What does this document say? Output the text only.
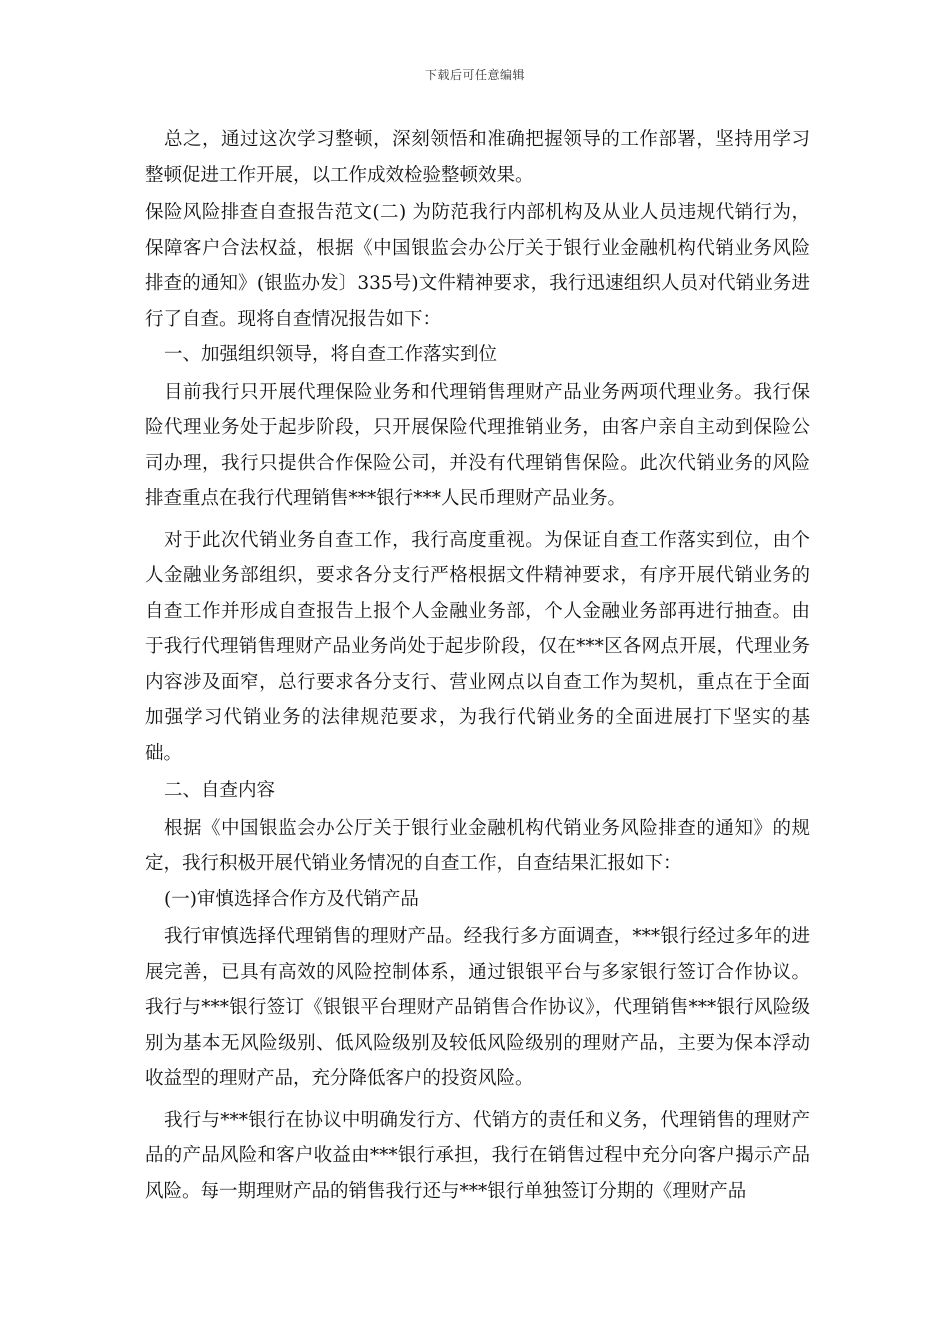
下载后可任意编辑

总之，通过这次学习整顿，深刻领悟和准确把握领导的工作部署，坚持用学习整顿促进工作开展，以工作成效检验整顿效果。

保险风险排查自查报告范文(二) 为防范我行内部机构及从业人员违规代销行为，保障客户合法权益，根据《中国银监会办公厅关于银行业金融机构代销业务风险排查的通知》(银监办发〕335号)文件精神要求，我行迅速组织人员对代销业务进行了自查。现将自查情况报告如下：

一、加强组织领导，将自查工作落实到位

目前我行只开展代理保险业务和代理销售理财产品业务两项代理业务。我行保险代理业务处于起步阶段，只开展保险代理推销业务，由客户亲自主动到保险公司办理，我行只提供合作保险公司，并没有代理销售保险。此次代销业务的风险排查重点在我行代理销售***银行***人民币理财产品业务。

对于此次代销业务自查工作，我行高度重视。为保证自查工作落实到位，由个人金融业务部组织，要求各分支行严格根据文件精神要求，有序开展代销业务的自查工作并形成自查报告上报个人金融业务部，个人金融业务部再进行抽查。由于我行代理销售理财产品业务尚处于起步阶段，仅在***区各网点开展，代理业务内容涉及面窄，总行要求各分支行、营业网点以自查工作为契机，重点在于全面加强学习代销业务的法律规范要求，为我行代销业务的全面进展打下坚实的基础。

二、自查内容

根据《中国银监会办公厅关于银行业金融机构代销业务风险排查的通知》的规定，我行积极开展代销业务情况的自查工作，自查结果汇报如下：

(一)审慎选择合作方及代销产品

我行审慎选择代理销售的理财产品。经我行多方面调查，***银行经过多年的进展完善，已具有高效的风险控制体系，通过银银平台与多家银行签订合作协议。我行与***银行签订《银银平台理财产品销售合作协议》，代理销售***银行风险级别为基本无风险级别、低风险级别及较低风险级别的理财产品，主要为保本浮动收益型的理财产品，充分降低客户的投资风险。

我行与***银行在协议中明确发行方、代销方的责任和义务，代理销售的理财产品的产品风险和客户收益由***银行承担，我行在销售过程中充分向客户揭示产品风险。每一期理财产品的销售我行还与***银行单独签订分期的《理财产品
